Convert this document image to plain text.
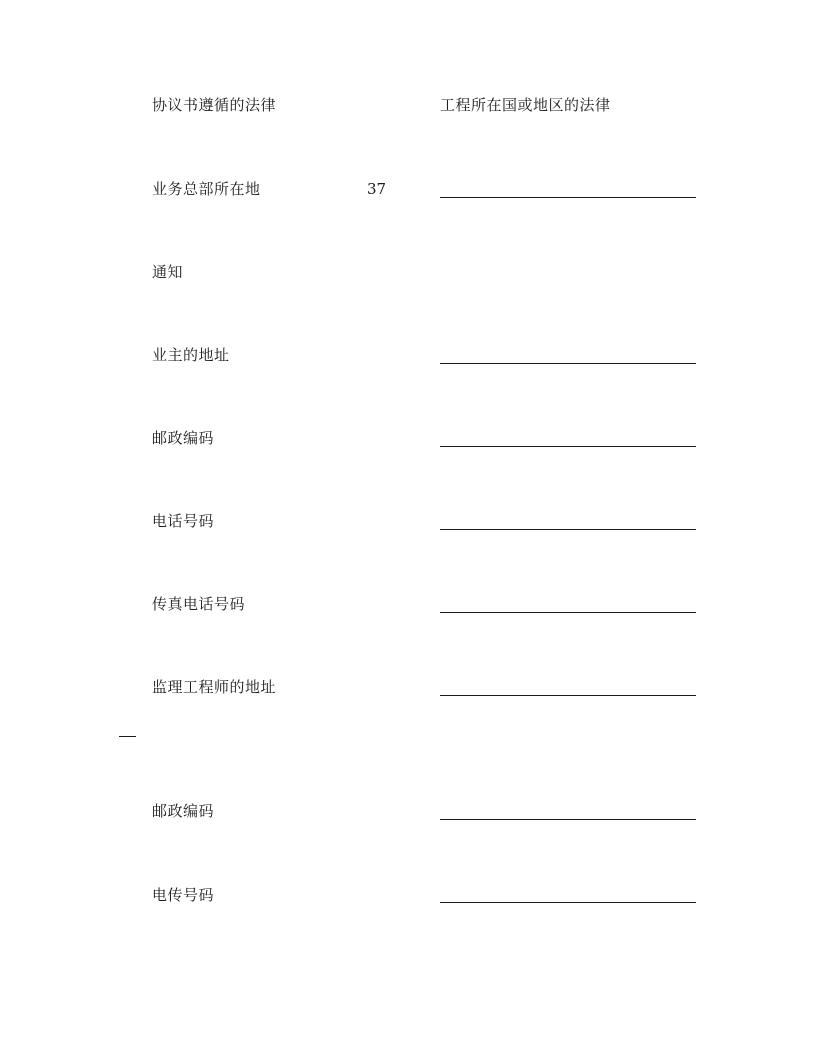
协议书遵循的法律	工程所在国或地区的法律
业务总部所在地	37
通知
业主的地址
邮政编码
电话号码
传真电话号码
监理工程师的地址
邮政编码
电传号码
